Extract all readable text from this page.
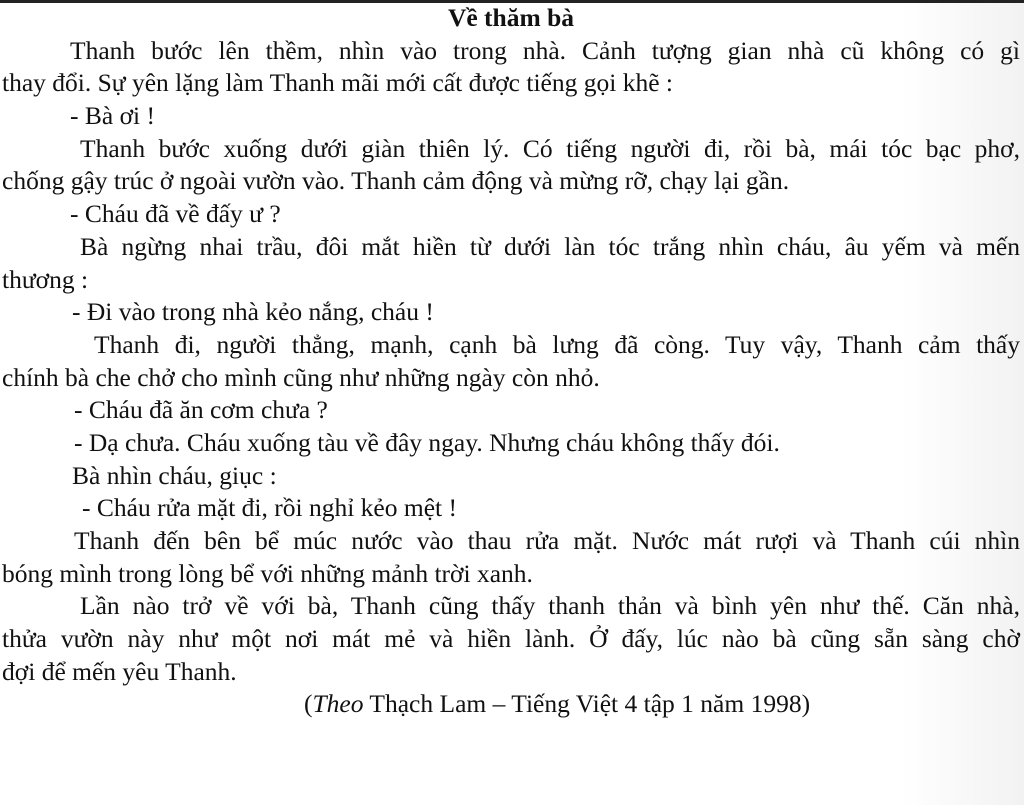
Về thăm bà
Thanh bước lên thềm, nhìn vào trong nhà. Cảnh tượng gian nhà cũ không có gì
thay đổi. Sự yên lặng làm Thanh mãi mới cất được tiếng gọi khẽ :
- Bà ơi !
Thanh bước xuống dưới giàn thiên lý. Có tiếng người đi, rồi bà, mái tóc bạc phơ,
chống gậy trúc ở ngoài vườn vào. Thanh cảm động và mừng rỡ, chạy lại gần.
- Cháu đã về đấy ư ?
Bà ngừng nhai trầu, đôi mắt hiền từ dưới làn tóc trắng nhìn cháu, âu yếm và mến
thương :
- Đi vào trong nhà kẻo nắng, cháu !
Thanh đi, người thẳng, mạnh, cạnh bà lưng đã còng. Tuy vậy, Thanh cảm thấy
chính bà che chở cho mình cũng như những ngày còn nhỏ.
- Cháu đã ăn cơm chưa ?
- Dạ chưa. Cháu xuống tàu về đây ngay. Nhưng cháu không thấy đói.
Bà nhìn cháu, giục :
- Cháu rửa mặt đi, rồi nghỉ kẻo mệt !
Thanh đến bên bể múc nước vào thau rửa mặt. Nước mát rượi và Thanh cúi nhìn
bóng mình trong lòng bể với những mảnh trời xanh.
Lần nào trở về với bà, Thanh cũng thấy thanh thản và bình yên như thế. Căn nhà,
thửa vườn này như một nơi mát mẻ và hiền lành. Ở đấy, lúc nào bà cũng sẵn sàng chờ
đợi để mến yêu Thanh.
(Theo Thạch Lam – Tiếng Việt 4 tập 1 năm 1998)
